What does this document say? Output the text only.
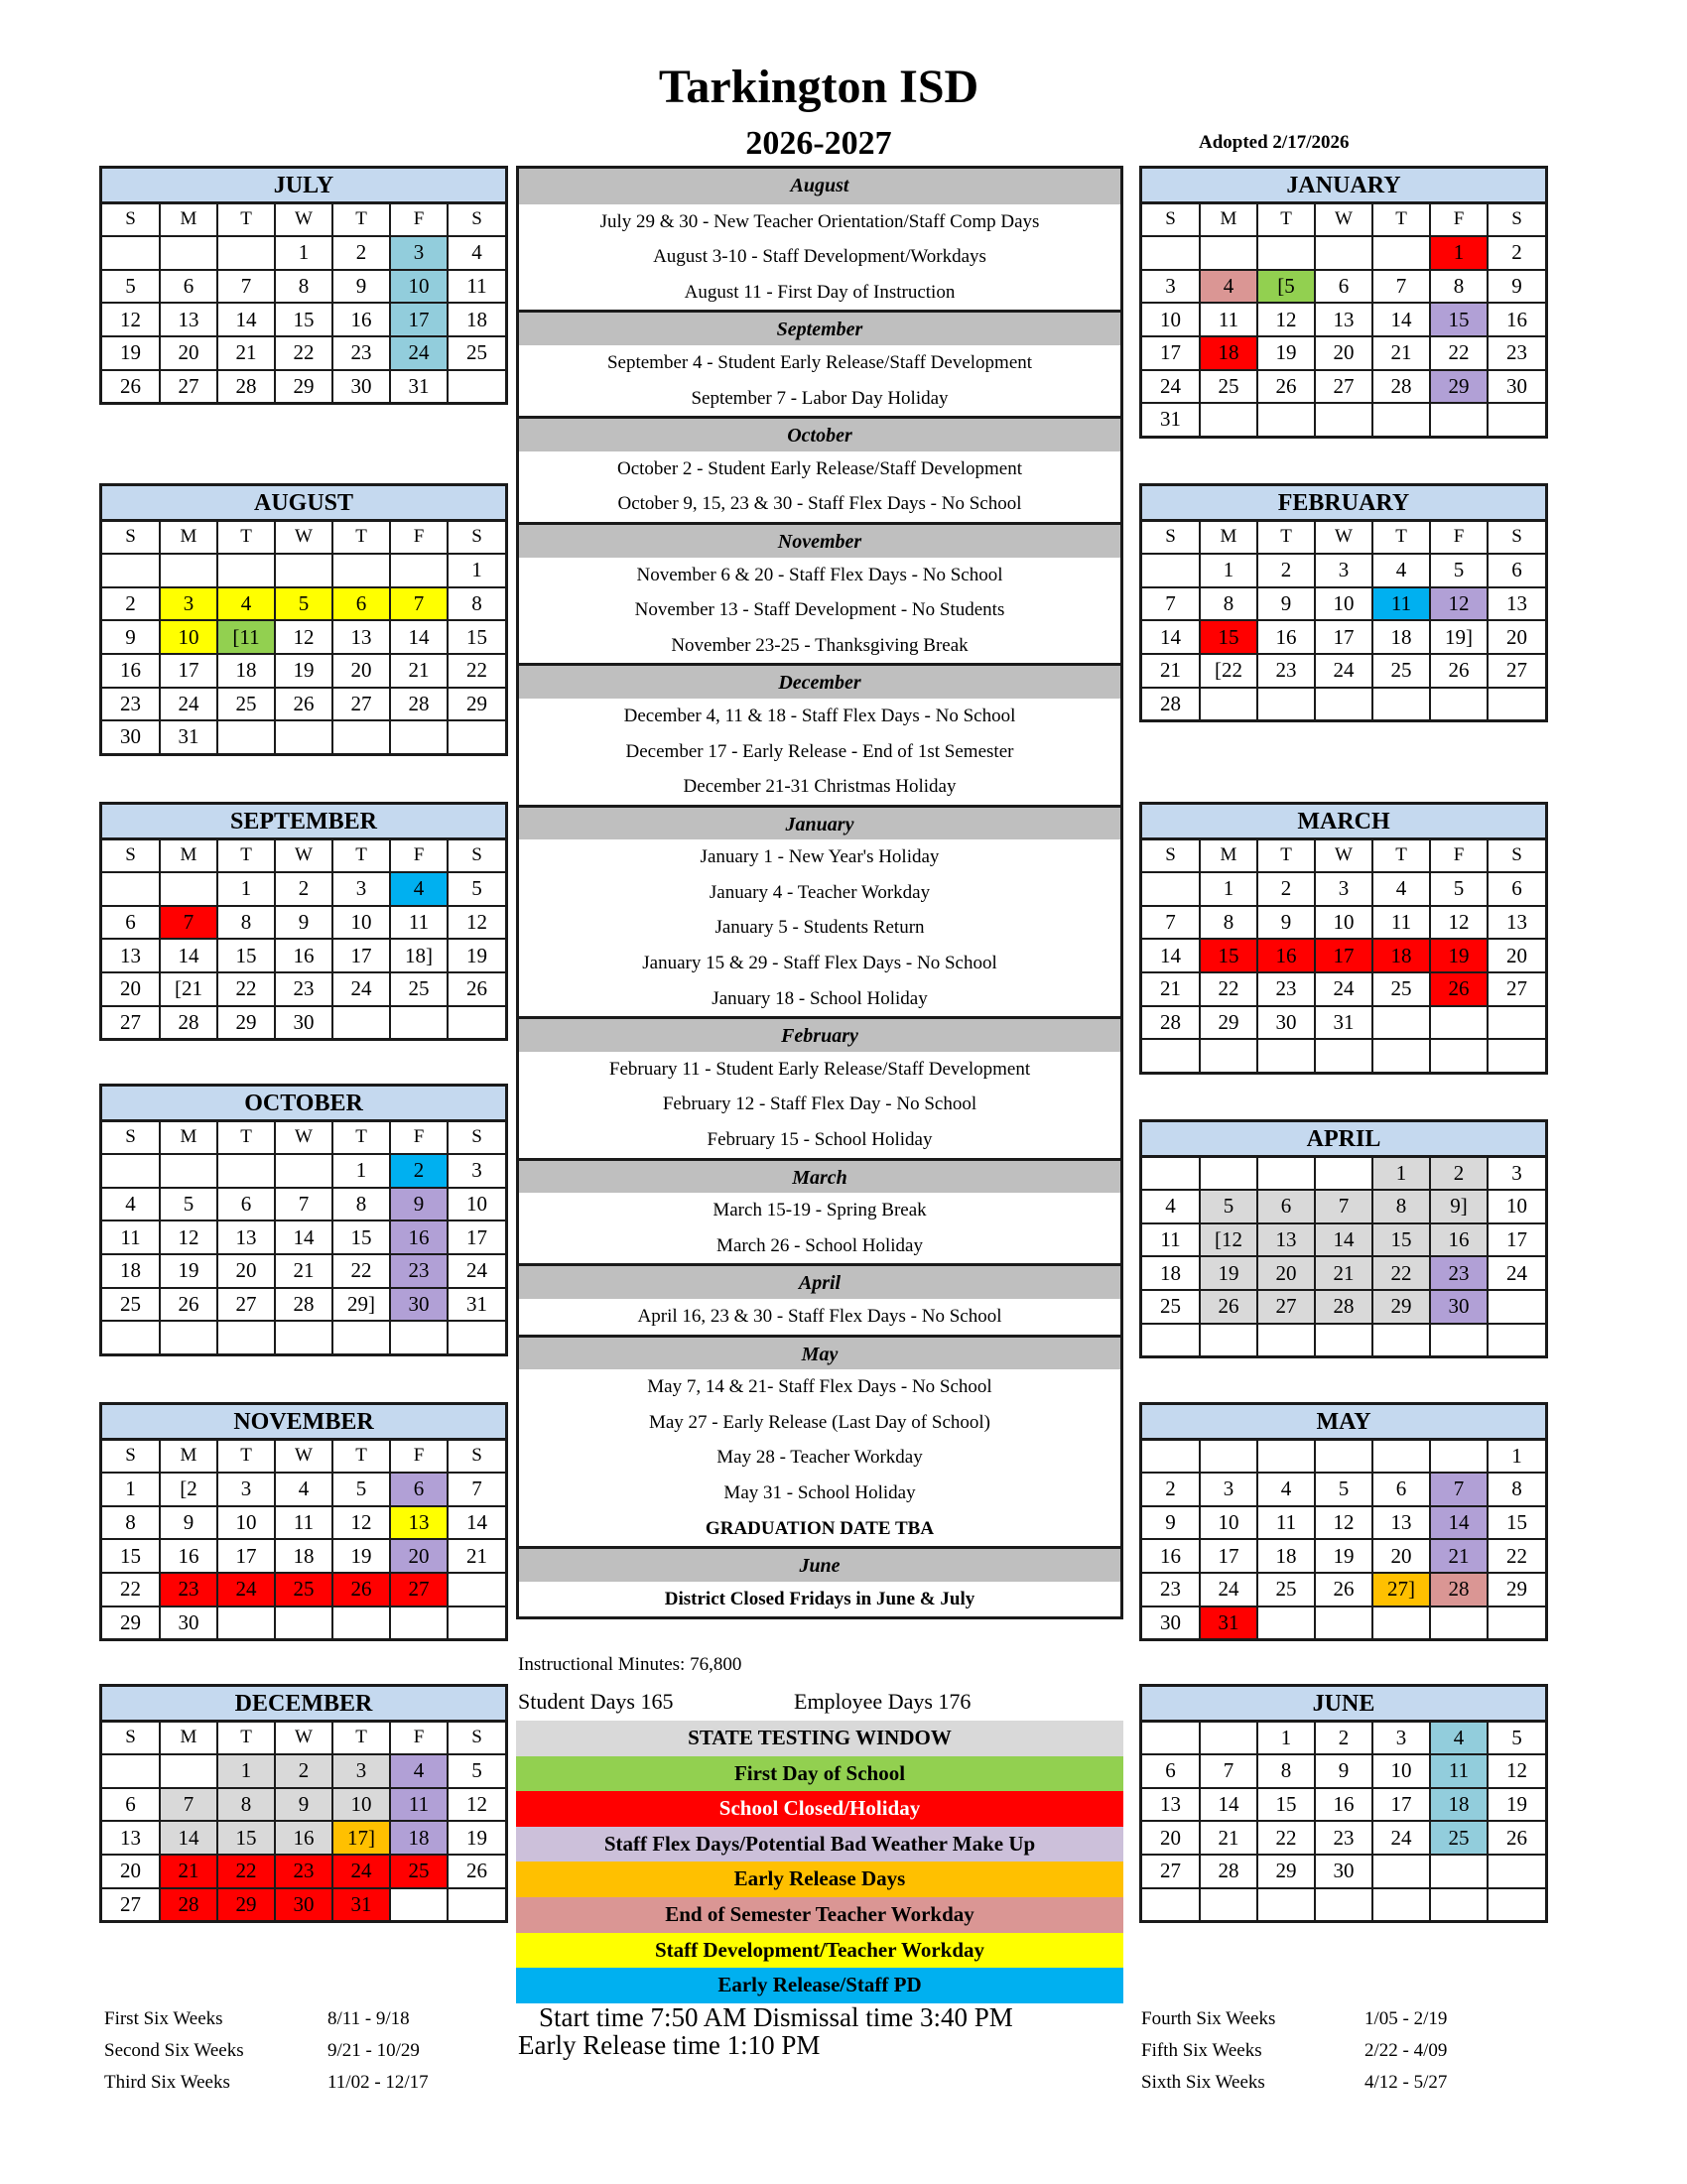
Tarkington ISD
2026-2027	Adopted 2/17/2026
JULY
S	M	T	W	T	F	S
			1	2	3	4
5	6	7	8	9	10	11
12	13	14	15	16	17	18
19	20	21	22	23	24	25
26	27	28	29	30	31	
AUGUST
S	M	T	W	T	F	S
						1
2	3	4	5	6	7	8
9	10	[11	12	13	14	15
16	17	18	19	20	21	22
23	24	25	26	27	28	29
30	31					
SEPTEMBER
S	M	T	W	T	F	S
		1	2	3	4	5
6	7	8	9	10	11	12
13	14	15	16	17	18]	19
20	[21	22	23	24	25	26
27	28	29	30			
OCTOBER
S	M	T	W	T	F	S
				1	2	3
4	5	6	7	8	9	10
11	12	13	14	15	16	17
18	19	20	21	22	23	24
25	26	27	28	29]	30	31

NOVEMBER
S	M	T	W	T	F	S
1	[2	3	4	5	6	7
8	9	10	11	12	13	14
15	16	17	18	19	20	21
22	23	24	25	26	27	
29	30					
DECEMBER
S	M	T	W	T	F	S
		1	2	3	4	5
6	7	8	9	10	11	12
13	14	15	16	17]	18	19
20	21	22	23	24	25	26
27	28	29	30	31		
JANUARY
S	M	T	W	T	F	S
					1	2
3	4	[5	6	7	8	9
10	11	12	13	14	15	16
17	18	19	20	21	22	23
24	25	26	27	28	29	30
31						
FEBRUARY
S	M	T	W	T	F	S
	1	2	3	4	5	6
7	8	9	10	11	12	13
14	15	16	17	18	19]	20
21	[22	23	24	25	26	27
28						
MARCH
S	M	T	W	T	F	S
	1	2	3	4	5	6
7	8	9	10	11	12	13
14	15	16	17	18	19	20
21	22	23	24	25	26	27
28	29	30	31			

APRIL
				1	2	3
4	5	6	7	8	9]	10
11	[12	13	14	15	16	17
18	19	20	21	22	23	24
25	26	27	28	29	30	

MAY
						1
2	3	4	5	6	7	8
9	10	11	12	13	14	15
16	17	18	19	20	21	22
23	24	25	26	27]	28	29
30	31					
JUNE
		1	2	3	4	5
6	7	8	9	10	11	12
13	14	15	16	17	18	19
20	21	22	23	24	25	26
27	28	29	30			

August
July 29 & 30 - New Teacher Orientation/Staff Comp Days
August 3-10 - Staff Development/Workdays
August 11 - First Day of Instruction
September
September 4 - Student Early Release/Staff Development
September 7 - Labor Day Holiday
October
October 2 - Student Early Release/Staff Development
October 9, 15, 23 & 30 - Staff Flex Days - No School
November
November 6 & 20 - Staff Flex Days - No School
November 13 - Staff Development - No Students
November 23-25 - Thanksgiving Break
December
December 4, 11 & 18 - Staff Flex Days - No School
December 17 - Early Release - End of 1st Semester
December 21-31 Christmas Holiday
January
January 1 - New Year's Holiday
January 4 - Teacher Workday
January 5 - Students Return
January 15 & 29 - Staff Flex Days - No School
January 18 - School Holiday
February
February 11 - Student Early Release/Staff Development
February 12 - Staff Flex Day - No School
February 15 - School Holiday
March
March 15-19 - Spring Break
March 26 - School Holiday
April
April 16, 23 & 30 - Staff Flex Days - No School
May
May 7, 14 & 21- Staff Flex Days - No School
May 27 - Early Release (Last Day of School)
May 28 - Teacher Workday
May 31 - School Holiday
GRADUATION DATE TBA
June
District Closed Fridays in June & July
Instructional Minutes: 76,800
Student Days 165	Employee Days 176
STATE TESTING WINDOW
First Day of School
School Closed/Holiday
Staff Flex Days/Potential Bad Weather Make Up
Early Release Days
End of Semester Teacher Workday
Staff Development/Teacher Workday
Early Release/Staff PD
Start time 7:50 AM Dismissal time 3:40 PM
Early Release time 1:10 PM
First Six Weeks	8/11 - 9/18
Second Six Weeks	9/21 - 10/29
Third Six Weeks	11/02 - 12/17
Fourth Six Weeks	1/05 - 2/19
Fifth Six Weeks	2/22 - 4/09
Sixth Six Weeks	4/12 - 5/27
